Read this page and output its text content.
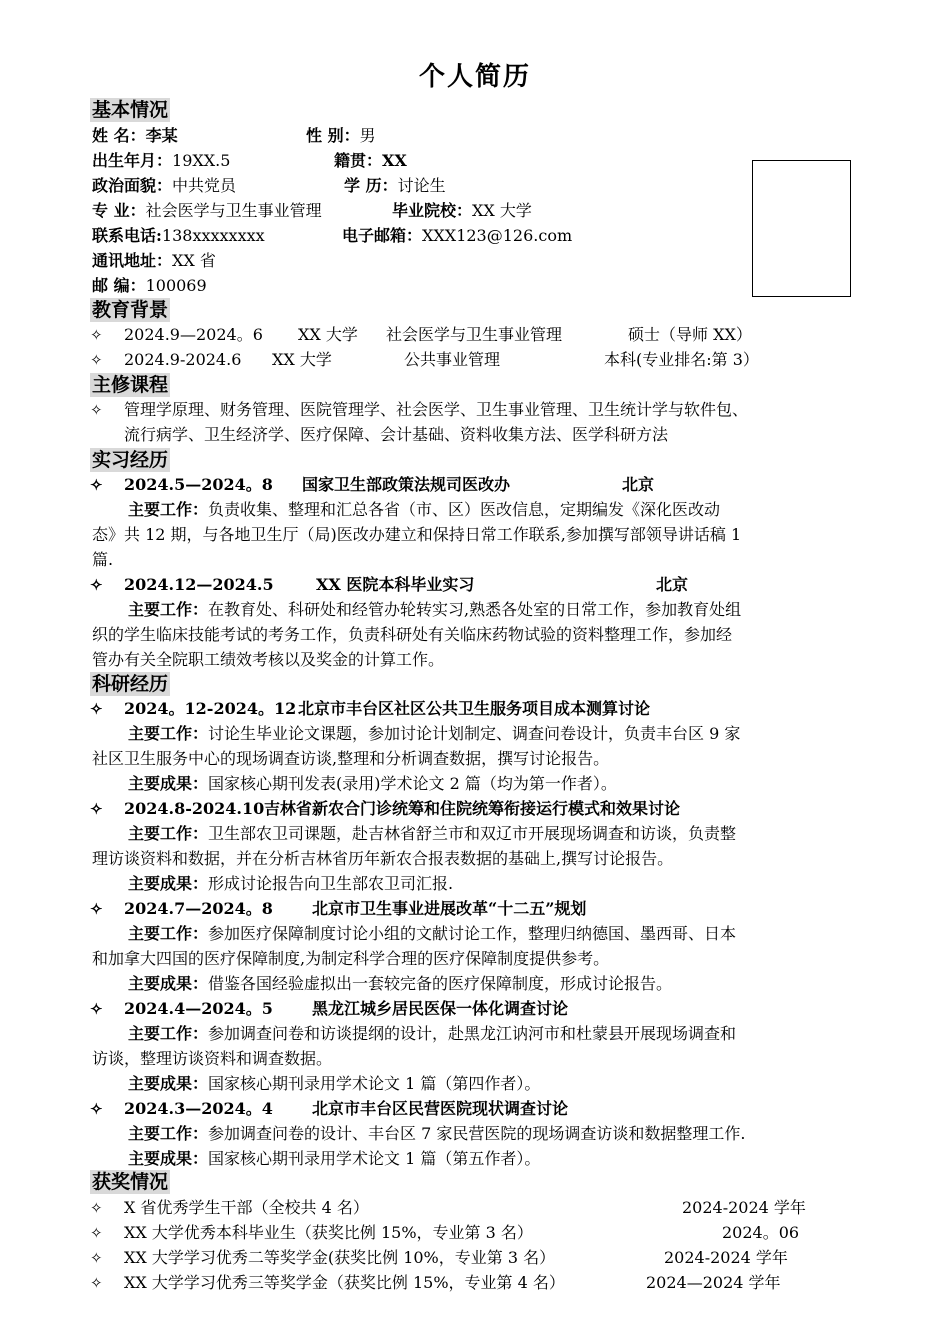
个人简历
基本情况
姓 名：李某	性 别：男
出生年月：19XX.5	籍贯：XX
政治面貌：中共党员	学 历：讨论生
专 业：社会医学与卫生事业管理	毕业院校：XX 大学
联系电话:138xxxxxxxx	电子邮箱：XXX123@126.com
通讯地址：XX 省
邮 编：100069
教育背景
✧ 2024.9—2024。6 XX 大学 社会医学与卫生事业管理	硕士（导师 XX）
✧ 2024.9-2024.6 XX 大学	公共事业管理	本科(专业排名:第 3）
主修课程
✧ 管理学原理、财务管理、医院管理学、社会医学、卫生事业管理、卫生统计学与软件包、
流行病学、卫生经济学、医疗保障、会计基础、资料收集方法、医学科研方法
实习经历
✧ 2024.5—2024。8 国家卫生部政策法规司医改办	北京
主要工作：负责收集、整理和汇总各省（市、区）医改信息，定期编发《深化医改动
态》共 12 期，与各地卫生厅（局)医改办建立和保持日常工作联系,参加撰写部领导讲话稿 1
篇.
✧ 2024.12—2024.5	XX 医院本科毕业实习	北京
主要工作：在教育处、科研处和经管办轮转实习,熟悉各处室的日常工作，参加教育处组
织的学生临床技能考试的考务工作，负责科研处有关临床药物试验的资料整理工作，参加经
管办有关全院职工绩效考核以及奖金的计算工作。
科研经历
✧ 2024。12-2024。12 北京市丰台区社区公共卫生服务项目成本测算讨论
主要工作：讨论生毕业论文课题，参加讨论计划制定、调查问卷设计，负责丰台区 9 家
社区卫生服务中心的现场调查访谈,整理和分析调查数据，撰写讨论报告。
主要成果：国家核心期刊发表(录用)学术论文 2 篇（均为第一作者）。
✧ 2024.8-2024.10 吉林省新农合门诊统筹和住院统筹衔接运行模式和效果讨论
主要工作：卫生部农卫司课题，赴吉林省舒兰市和双辽市开展现场调查和访谈，负责整
理访谈资料和数据，并在分析吉林省历年新农合报表数据的基础上,撰写讨论报告。
主要成果：形成讨论报告向卫生部农卫司汇报.
✧ 2024.7—2024。8 北京市卫生事业进展改革“十二五”规划
主要工作：参加医疗保障制度讨论小组的文献讨论工作，整理归纳德国、墨西哥、日本
和加拿大四国的医疗保障制度,为制定科学合理的医疗保障制度提供参考。
主要成果：借鉴各国经验虚拟出一套较完备的医疗保障制度，形成讨论报告。
✧ 2024.4—2024。5 黑龙江城乡居民医保一体化调查讨论
主要工作：参加调查问卷和访谈提纲的设计，赴黑龙江讷河市和杜蒙县开展现场调查和
访谈，整理访谈资料和调查数据。
主要成果：国家核心期刊录用学术论文 1 篇（第四作者）。
✧ 2024.3—2024。4 北京市丰台区民营医院现状调查讨论
主要工作：参加调查问卷的设计、丰台区 7 家民营医院的现场调查访谈和数据整理工作.
主要成果：国家核心期刊录用学术论文 1 篇（第五作者）。
获奖情况
✧ X 省优秀学生干部（全校共 4 名）	2024-2024 学年
✧ XX 大学优秀本科毕业生（获奖比例 15%，专业第 3 名）	2024。06
✧ XX 大学学习优秀二等奖学金(获奖比例 10%，专业第 3 名）	2024-2024 学年
✧ XX 大学学习优秀三等奖学金（获奖比例 15%，专业第 4 名）	2024—2024 学年
